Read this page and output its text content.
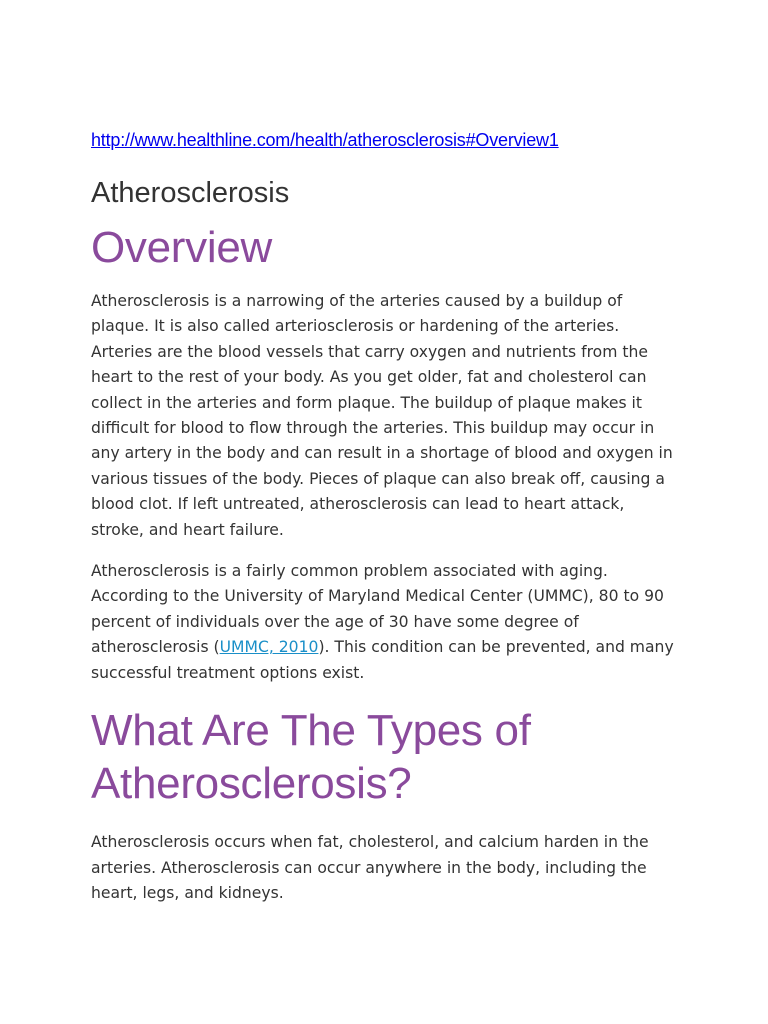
http://www.healthline.com/health/atherosclerosis#Overview1
Atherosclerosis
Overview

Atherosclerosis is a narrowing of the arteries caused by a buildup of plaque. It is also called arteriosclerosis or hardening of the arteries. Arteries are the blood vessels that carry oxygen and nutrients from the heart to the rest of your body. As you get older, fat and cholesterol can collect in the arteries and form plaque. The buildup of plaque makes it difficult for blood to flow through the arteries. This buildup may occur in any artery in the body and can result in a shortage of blood and oxygen in various tissues of the body. Pieces of plaque can also break off, causing a blood clot. If left untreated, atherosclerosis can lead to heart attack, stroke, and heart failure.

Atherosclerosis is a fairly common problem associated with aging. According to the University of Maryland Medical Center (UMMC), 80 to 90 percent of individuals over the age of 30 have some degree of atherosclerosis (UMMC, 2010). This condition can be prevented, and many successful treatment options exist.

What Are The Types of Atherosclerosis?

Atherosclerosis occurs when fat, cholesterol, and calcium harden in the arteries. Atherosclerosis can occur anywhere in the body, including the heart, legs, and kidneys.
